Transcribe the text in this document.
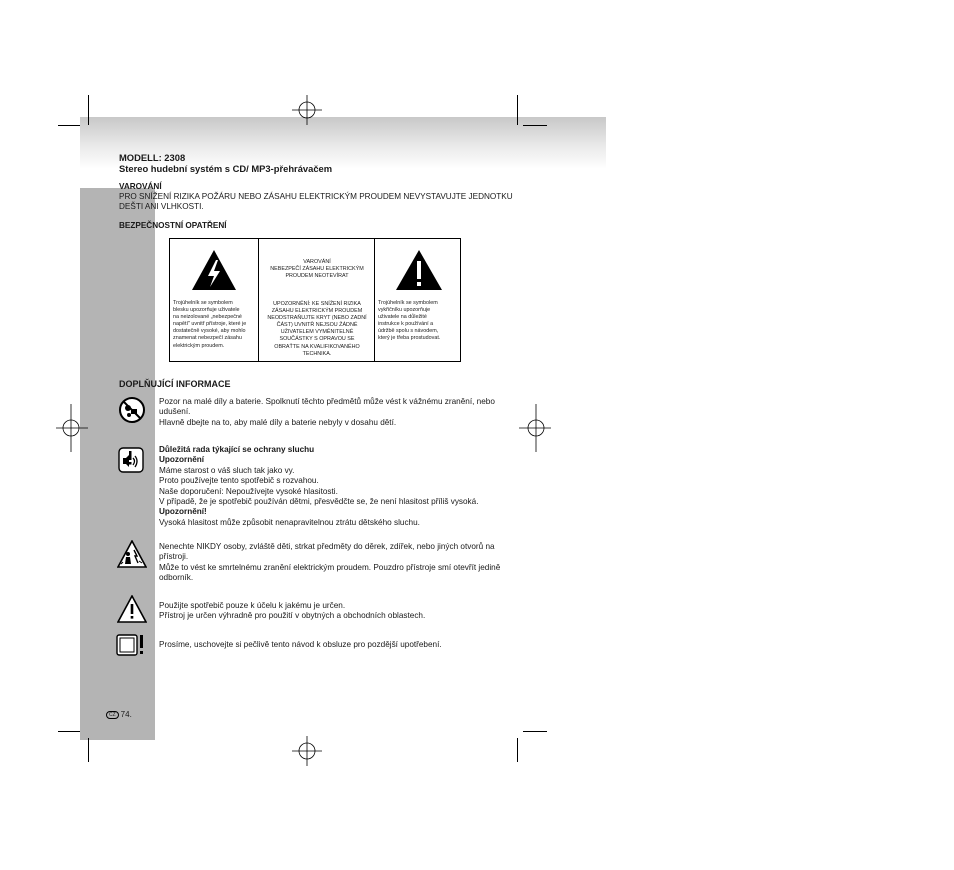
MODELL: 2308
Stereo hudební systém s CD/ MP3-přehrávačem
VAROVÁNÍ
PRO SNÍŽENÍ RIZIKA POŽÁRU NEBO ZÁSAHU ELEKTRICKÝM PROUDEM NEVYSTAVUJTE JEDNOTKU
DEŠTI ANI VLHKOSTI.
BEZPEČNOSTNÍ OPATŘENÍ
Trojúhelník se symbolem
blesku upozorňuje uživatele
na neizolované „nebezpečné
napětí" uvnitř přístroje, které je
dostatečně vysoké, aby mohlo
znamenat nebezpečí zásahu
elektrickým proudem.
VAROVÁNÍ
NEBEZPEČÍ ZÁSAHU ELEKTRICKÝM
PROUDEM NEOTEVÍRAT
UPOZORNĚNÍ: KE SNÍŽENÍ RIZIKA
ZÁSAHU ELEKTRICKÝM PROUDEM
NEODSTRAŇUJTE KRYT (NEBO ZADNÍ
ČÁST) UVNITŘ NEJSOU ŽÁDNÉ
UŽIVATELEM VYMĚNITELNÉ
SOUČÁSTKY S OPRAVOU SE
OBRAŤTE NA KVALIFIKOVANÉHO
TECHNIKA.
Trojúhelník se symbolem
vykřičníku upozorňuje
uživatele na důležité
instrukce k používání a
údržbě spolu s návodem,
který je třeba prostudovat.
DOPLŇUJÍCÍ INFORMACE
Pozor na malé díly a baterie. Spolknutí těchto předmětů může vést k vážnému zranění, nebo
udušení.
Hlavně dbejte na to, aby malé díly a baterie nebyly v dosahu dětí.
Důležitá rada týkající se ochrany sluchu
Upozornění
Máme starost o váš sluch tak jako vy.
Proto používejte tento spotřebič s rozvahou.
Naše doporučení: Nepoužívejte vysoké hlasitosti.
V případě, že je spotřebič používán dětmi, přesvědčte se, že není hlasitost příliš vysoká.
Upozornění!
Vysoká hlasitost může způsobit nenapravitelnou ztrátu dětského sluchu.
Nenechte NIKDY osoby, zvláště děti, strkat předměty do děrek, zdířek, nebo jiných otvorů na
přístroji.
Může to vést ke smrtelnému zranění elektrickým proudem. Pouzdro přístroje smí otevřít jedině
odborník.
Použijte spotřebič pouze k účelu k jakému je určen.
Přístroj je určen výhradně pro použití v obytných a obchodních oblastech.
Prosíme, uschovejte si pečlivě tento návod k obsluze pro pozdější upotřebení.
CZ 74.
